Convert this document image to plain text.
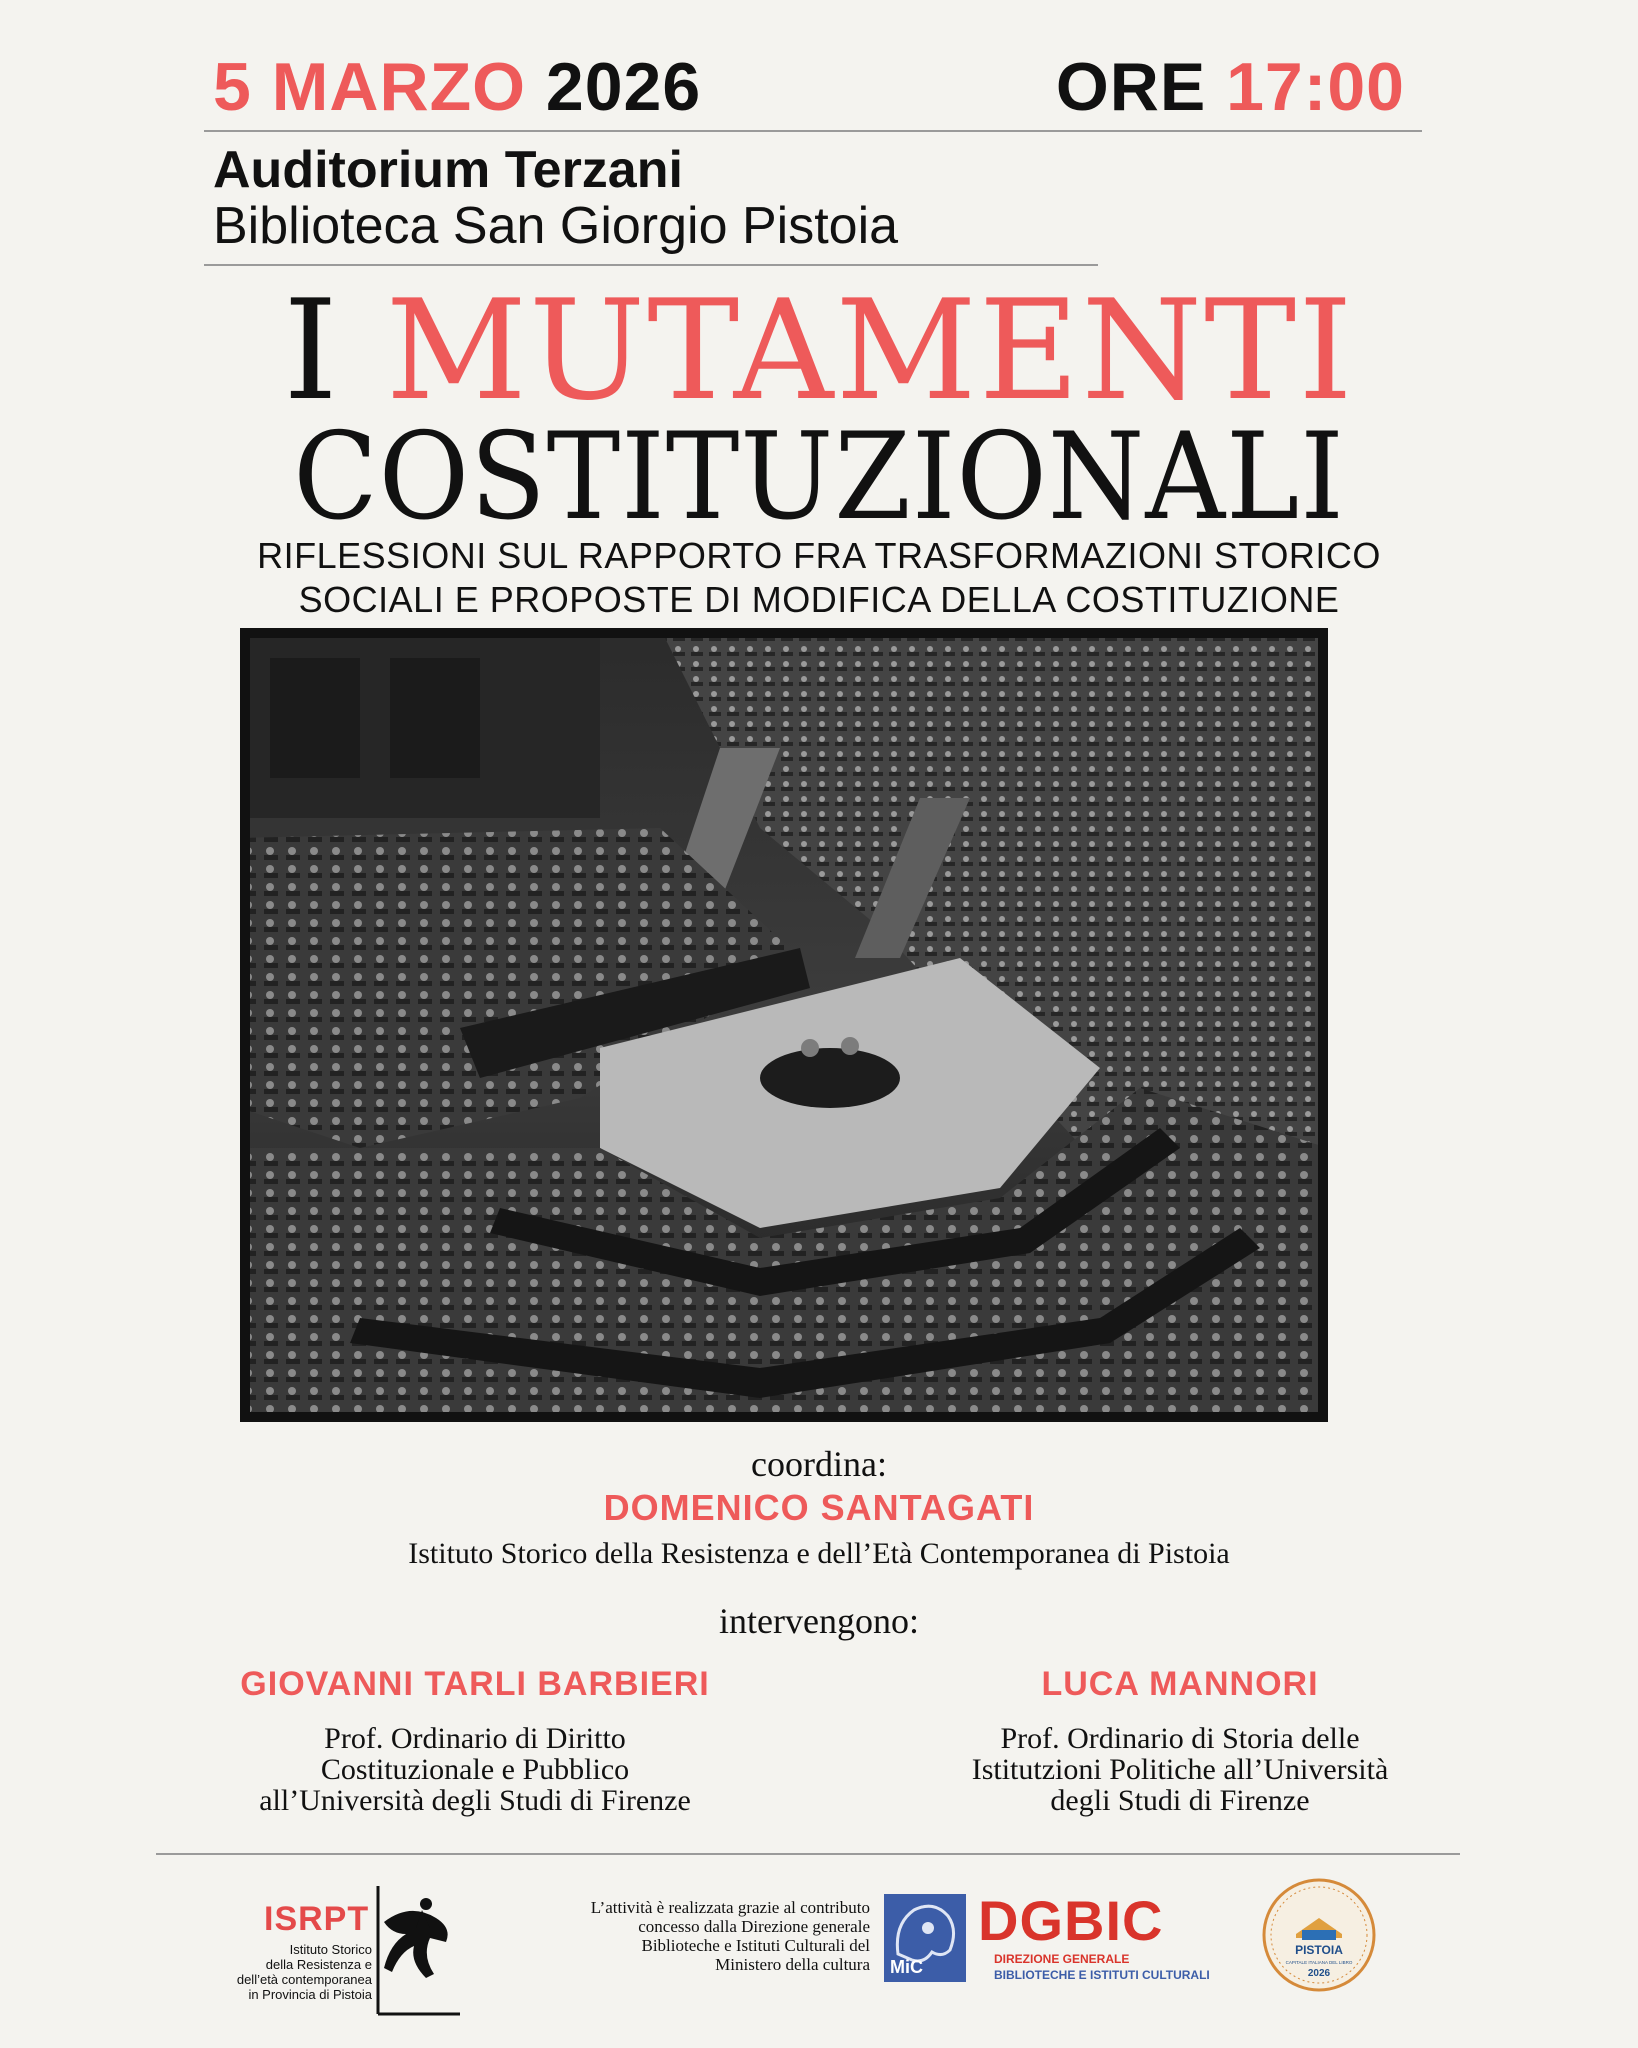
5 MARZO 2026	ORE 17:00
Auditorium Terzani
Biblioteca San Giorgio Pistoia
I MUTAMENTI
COSTITUZIONALI
RIFLESSIONI SUL RAPPORTO FRA TRASFORMAZIONI STORICO
SOCIALI E PROPOSTE DI MODIFICA DELLA COSTITUZIONE
coordina:
DOMENICO SANTAGATI
Istituto Storico della Resistenza e dell’Età Contemporanea di Pistoia
intervengono:
GIOVANNI TARLI BARBIERI
Prof. Ordinario di Diritto
Costituzionale e Pubblico
all’Università degli Studi di Firenze
LUCA MANNORI
Prof. Ordinario di Storia delle
Istitutzioni Politiche all’Università
degli Studi di Firenze
ISRPT
Istituto Storico
della Resistenza e
dell’età contemporanea
in Provincia di Pistoia
L’attività è realizzata grazie al contributo
concesso dalla Direzione generale
Biblioteche e Istituti Culturali del
Ministero della cultura MiC
DGBIC
DIREZIONE GENERALE
BIBLIOTECHE E ISTITUTI CULTURALI
PISTOIA
CAPITALE ITALIANA DEL LIBRO
2026
